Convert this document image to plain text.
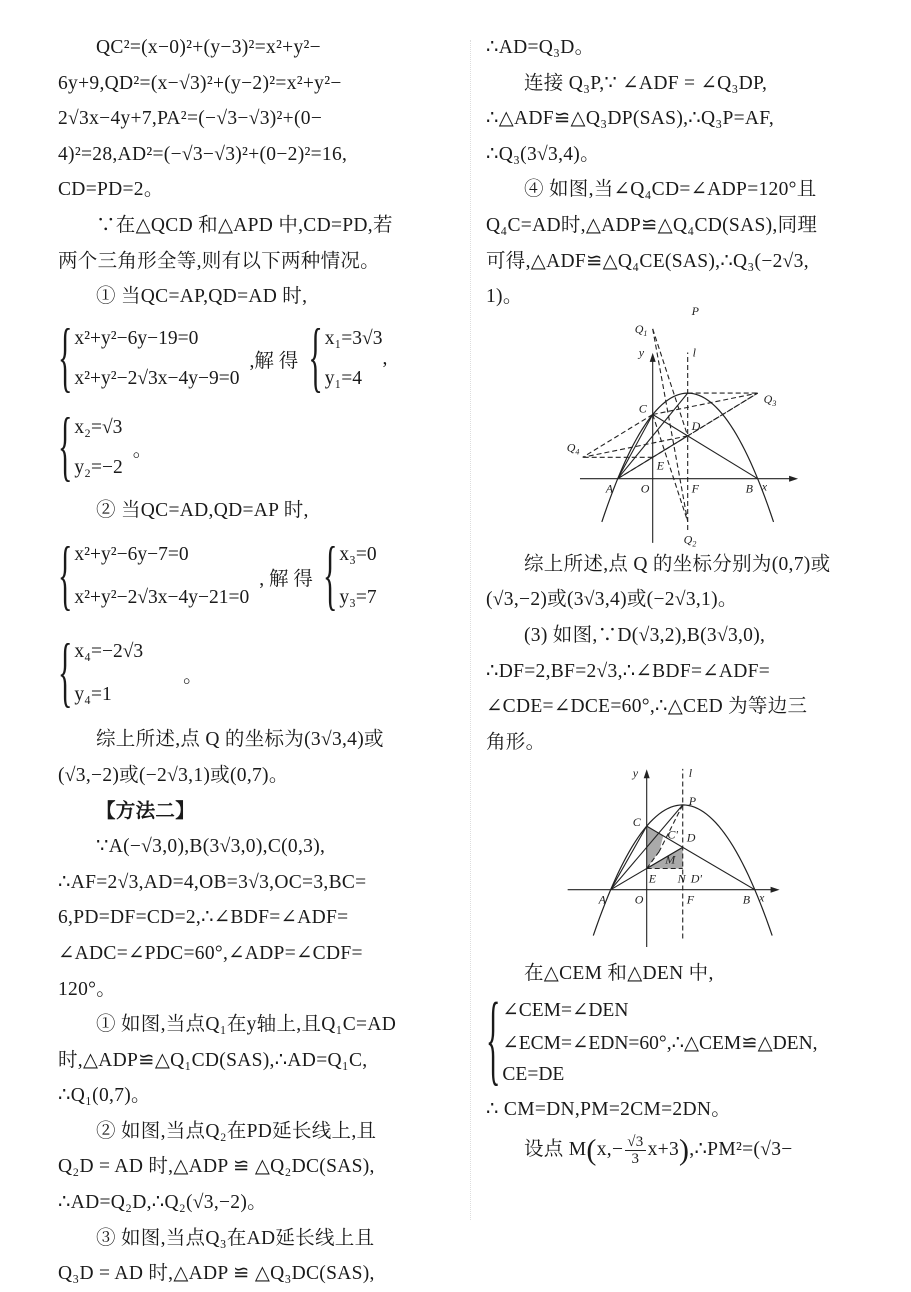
QC²=(x−0)²+(y−3)²=x²+y²−
6y+9,QD²=(x−√3)²+(y−2)²=x²+y²−
2√3x−4y+7,PA²=(−√3−√3)²+(0−
4)²=28,AD²=(−√3−√3)²+(0−2)²=16,
CD=PD=2。
∵在△QCD 和△APD 中,CD=PD,若
两个三角形全等,则有以下两种情况。
① 当QC=AP,QD=AD 时,
{ x²+y²−6y−19=0
x²+y²−2√3x−4y−9=0
,解 得 { x₁=3√3
y₁=4
,
{ x₂=√3
y₂=−2
。
② 当QC=AD,QD=AP 时,
{ x²+y²−6y−7=0
x²+y²−2√3x−4y−21=0
, 解 得 { x₃=0
y₃=7
{ x₄=−2√3
y₄=1
。
综上所述,点 Q 的坐标为(3√3,4)或
(√3,−2)或(−2√3,1)或(0,7)。
【方法二】
∵A(−√3,0),B(3√3,0),C(0,3),
∴AF=2√3,AD=4,OB=3√3,OC=3,BC=
6,PD=DF=CD=2,∴∠BDF=∠ADF=
∠ADC=∠PDC=60°,∠ADP=∠CDF=
120°。
① 如图,当点Q₁在y轴上,且Q₁C=AD
时,△ADP≌△Q₁CD(SAS),∴AD=Q₁C,
∴Q₁(0,7)。
② 如图,当点Q₂在PD延长线上,且
Q₂D = AD 时,△ADP ≌ △Q₂DC(SAS),
∴AD=Q₂D,∴Q₂(√3,−2)。
③ 如图,当点Q₃在AD延长线上且
Q₃D = AD 时,△ADP ≌ △Q₃DC(SAS),
∴AD=Q₃D。
连接 Q₃P,∵ ∠ADF = ∠Q₃DP,
∴△ADF≌△Q₃DP(SAS),∴Q₃P=AF,
∴Q₃(3√3,4)。
④ 如图,当∠Q₄CD=∠ADP=120°且
Q₄C=AD时,△ADP≌△Q₄CD(SAS),同理
可得,△ADF≌△Q₄CE(SAS),∴Q₃(−2√3,
1)。
$Q_1$
y	l
P
$Q_3$
C
D
$Q_4$
E
A O	F	B x
$Q_2$
综上所述,点 Q 的坐标分别为(0,7)或
(√3,−2)或(3√3,4)或(−2√3,1)。
(3) 如图,∵D(√3,2),B(3√3,0),
∴DF=2,BF=2√3,∴∠BDF=∠ADF=
∠CDE=∠DCE=60°,∴△CED 为等边三
角形。
y	l
P
C
C' D
M
E N D'
A O	F	B x
在△CEM 和△DEN 中,
{ ∠CEM=∠DEN
∠ECM=∠EDN=60°,∴△CEM≌△DEN,
CE=DE
∴ CM=DN,PM=2CM=2DN。
设点 $M(x,- \frac{√3}{3}$ x+3),∴PM²=(√3−
